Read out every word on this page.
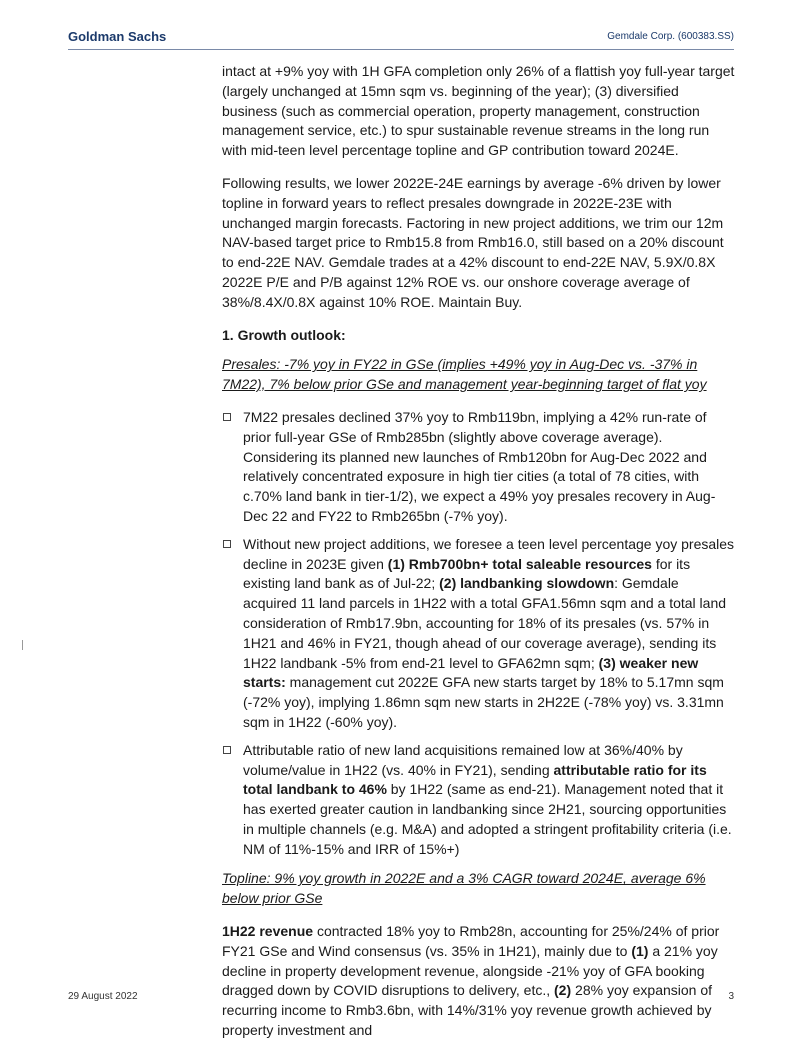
Goldman Sachs	Gemdale Corp. (600383.SS)

intact at +9% yoy with 1H GFA completion only 26% of a flattish yoy full-year target (largely unchanged at 15mn sqm vs. beginning of the year); (3) diversified business (such as commercial operation, property management, construction management service, etc.) to spur sustainable revenue streams in the long run with mid-teen level percentage topline and GP contribution toward 2024E.

Following results, we lower 2022E-24E earnings by average -6% driven by lower topline in forward years to reflect presales downgrade in 2022E-23E with unchanged margin forecasts. Factoring in new project additions, we trim our 12m NAV-based target price to Rmb15.8 from Rmb16.0, still based on a 20% discount to end-22E NAV. Gemdale trades at a 42% discount to end-22E NAV, 5.9X/0.8X 2022E P/E and P/B against 12% ROE vs. our onshore coverage average of 38%/8.4X/0.8X against 10% ROE. Maintain Buy.

1. Growth outlook:

Presales: -7% yoy in FY22 in GSe (implies +49% yoy in Aug-Dec vs. -37% in 7M22), 7% below prior GSe and management year-beginning target of flat yoy

7M22 presales declined 37% yoy to Rmb119bn, implying a 42% run-rate of prior full-year GSe of Rmb285bn (slightly above coverage average). Considering its planned new launches of Rmb120bn for Aug-Dec 2022 and relatively concentrated exposure in high tier cities (a total of 78 cities, with c.70% land bank in tier-1/2), we expect a 49% yoy presales recovery in Aug-Dec 22 and FY22 to Rmb265bn (-7% yoy).
Without new project additions, we foresee a teen level percentage yoy presales decline in 2023E given (1) Rmb700bn+ total saleable resources for its existing land bank as of Jul-22; (2) landbanking slowdown: Gemdale acquired 11 land parcels in 1H22 with a total GFA1.56mn sqm and a total land consideration of Rmb17.9bn, accounting for 18% of its presales (vs. 57% in 1H21 and 46% in FY21, though ahead of our coverage average), sending its 1H22 landbank -5% from end-21 level to GFA62mn sqm; (3) weaker new starts: management cut 2022E GFA new starts target by 18% to 5.17mn sqm (-72% yoy), implying 1.86mn sqm new starts in 2H22E (-78% yoy) vs. 3.31mn sqm in 1H22 (-60% yoy).
Attributable ratio of new land acquisitions remained low at 36%/40% by volume/value in 1H22 (vs. 40% in FY21), sending attributable ratio for its total landbank to 46% by 1H22 (same as end-21). Management noted that it has exerted greater caution in landbanking since 2H21, sourcing opportunities in multiple channels (e.g. M&A) and adopted a stringent profitability criteria (i.e. NM of 11%-15% and IRR of 15%+)

Topline: 9% yoy growth in 2022E and a 3% CAGR toward 2024E, average 6% below prior GSe

1H22 revenue contracted 18% yoy to Rmb28n, accounting for 25%/24% of prior FY21 GSe and Wind consensus (vs. 35% in 1H21), mainly due to (1) a 21% yoy decline in property development revenue, alongside -21% yoy of GFA booking dragged down by COVID disruptions to delivery, etc., (2) 28% yoy expansion of recurring income to Rmb3.6bn, with 14%/31% yoy revenue growth achieved by property investment and

29 August 2022	3
